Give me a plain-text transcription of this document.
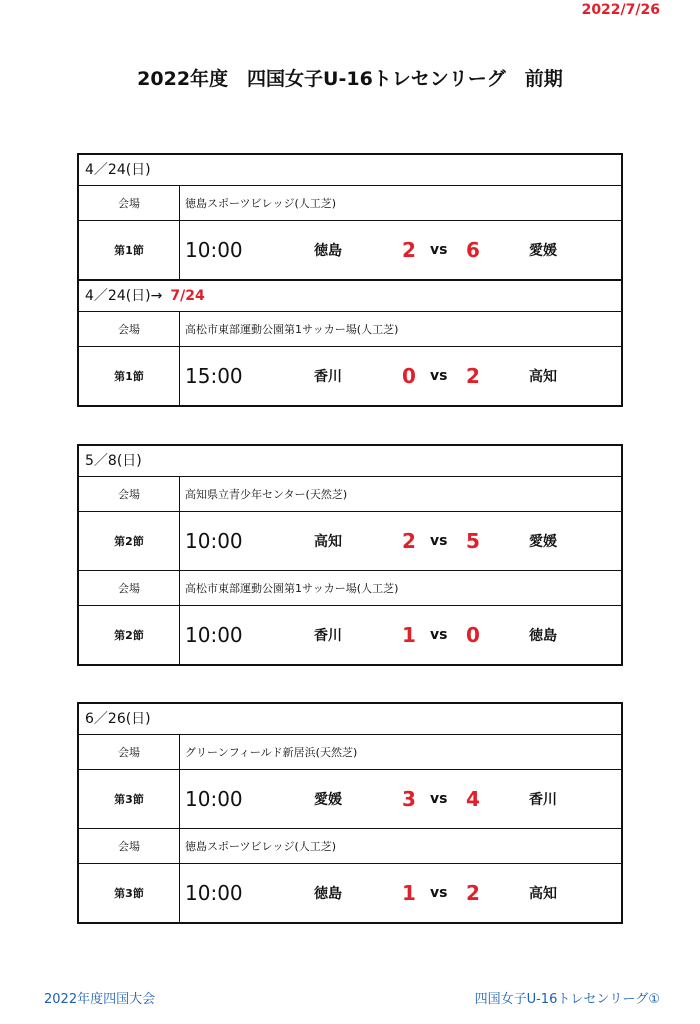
2022/7/26
2022年度　四国女子U-16トレセンリーグ　前期
4／24(日)
会場	徳島スポーツビレッジ(人工芝)
第1節	10:00	徳島	2 vs 6	愛媛
4／24(日)→ 7/24
会場	高松市東部運動公園第1サッカー場(人工芝)
第1節	15:00	香川	0 vs 2	高知
5／8(日)
会場	高知県立青少年センター(天然芝)
第2節	10:00	高知	2 vs 5	愛媛
会場	高松市東部運動公園第1サッカー場(人工芝)
第2節	10:00	香川	1 vs 0	徳島
6／26(日)
会場	グリーンフィールド新居浜(天然芝)
第3節	10:00	愛媛	3 vs 4	香川
会場	徳島スポーツビレッジ(人工芝)
第3節	10:00	徳島	1 vs 2	高知
2022年度四国大会	四国女子U-16トレセンリーグ①
